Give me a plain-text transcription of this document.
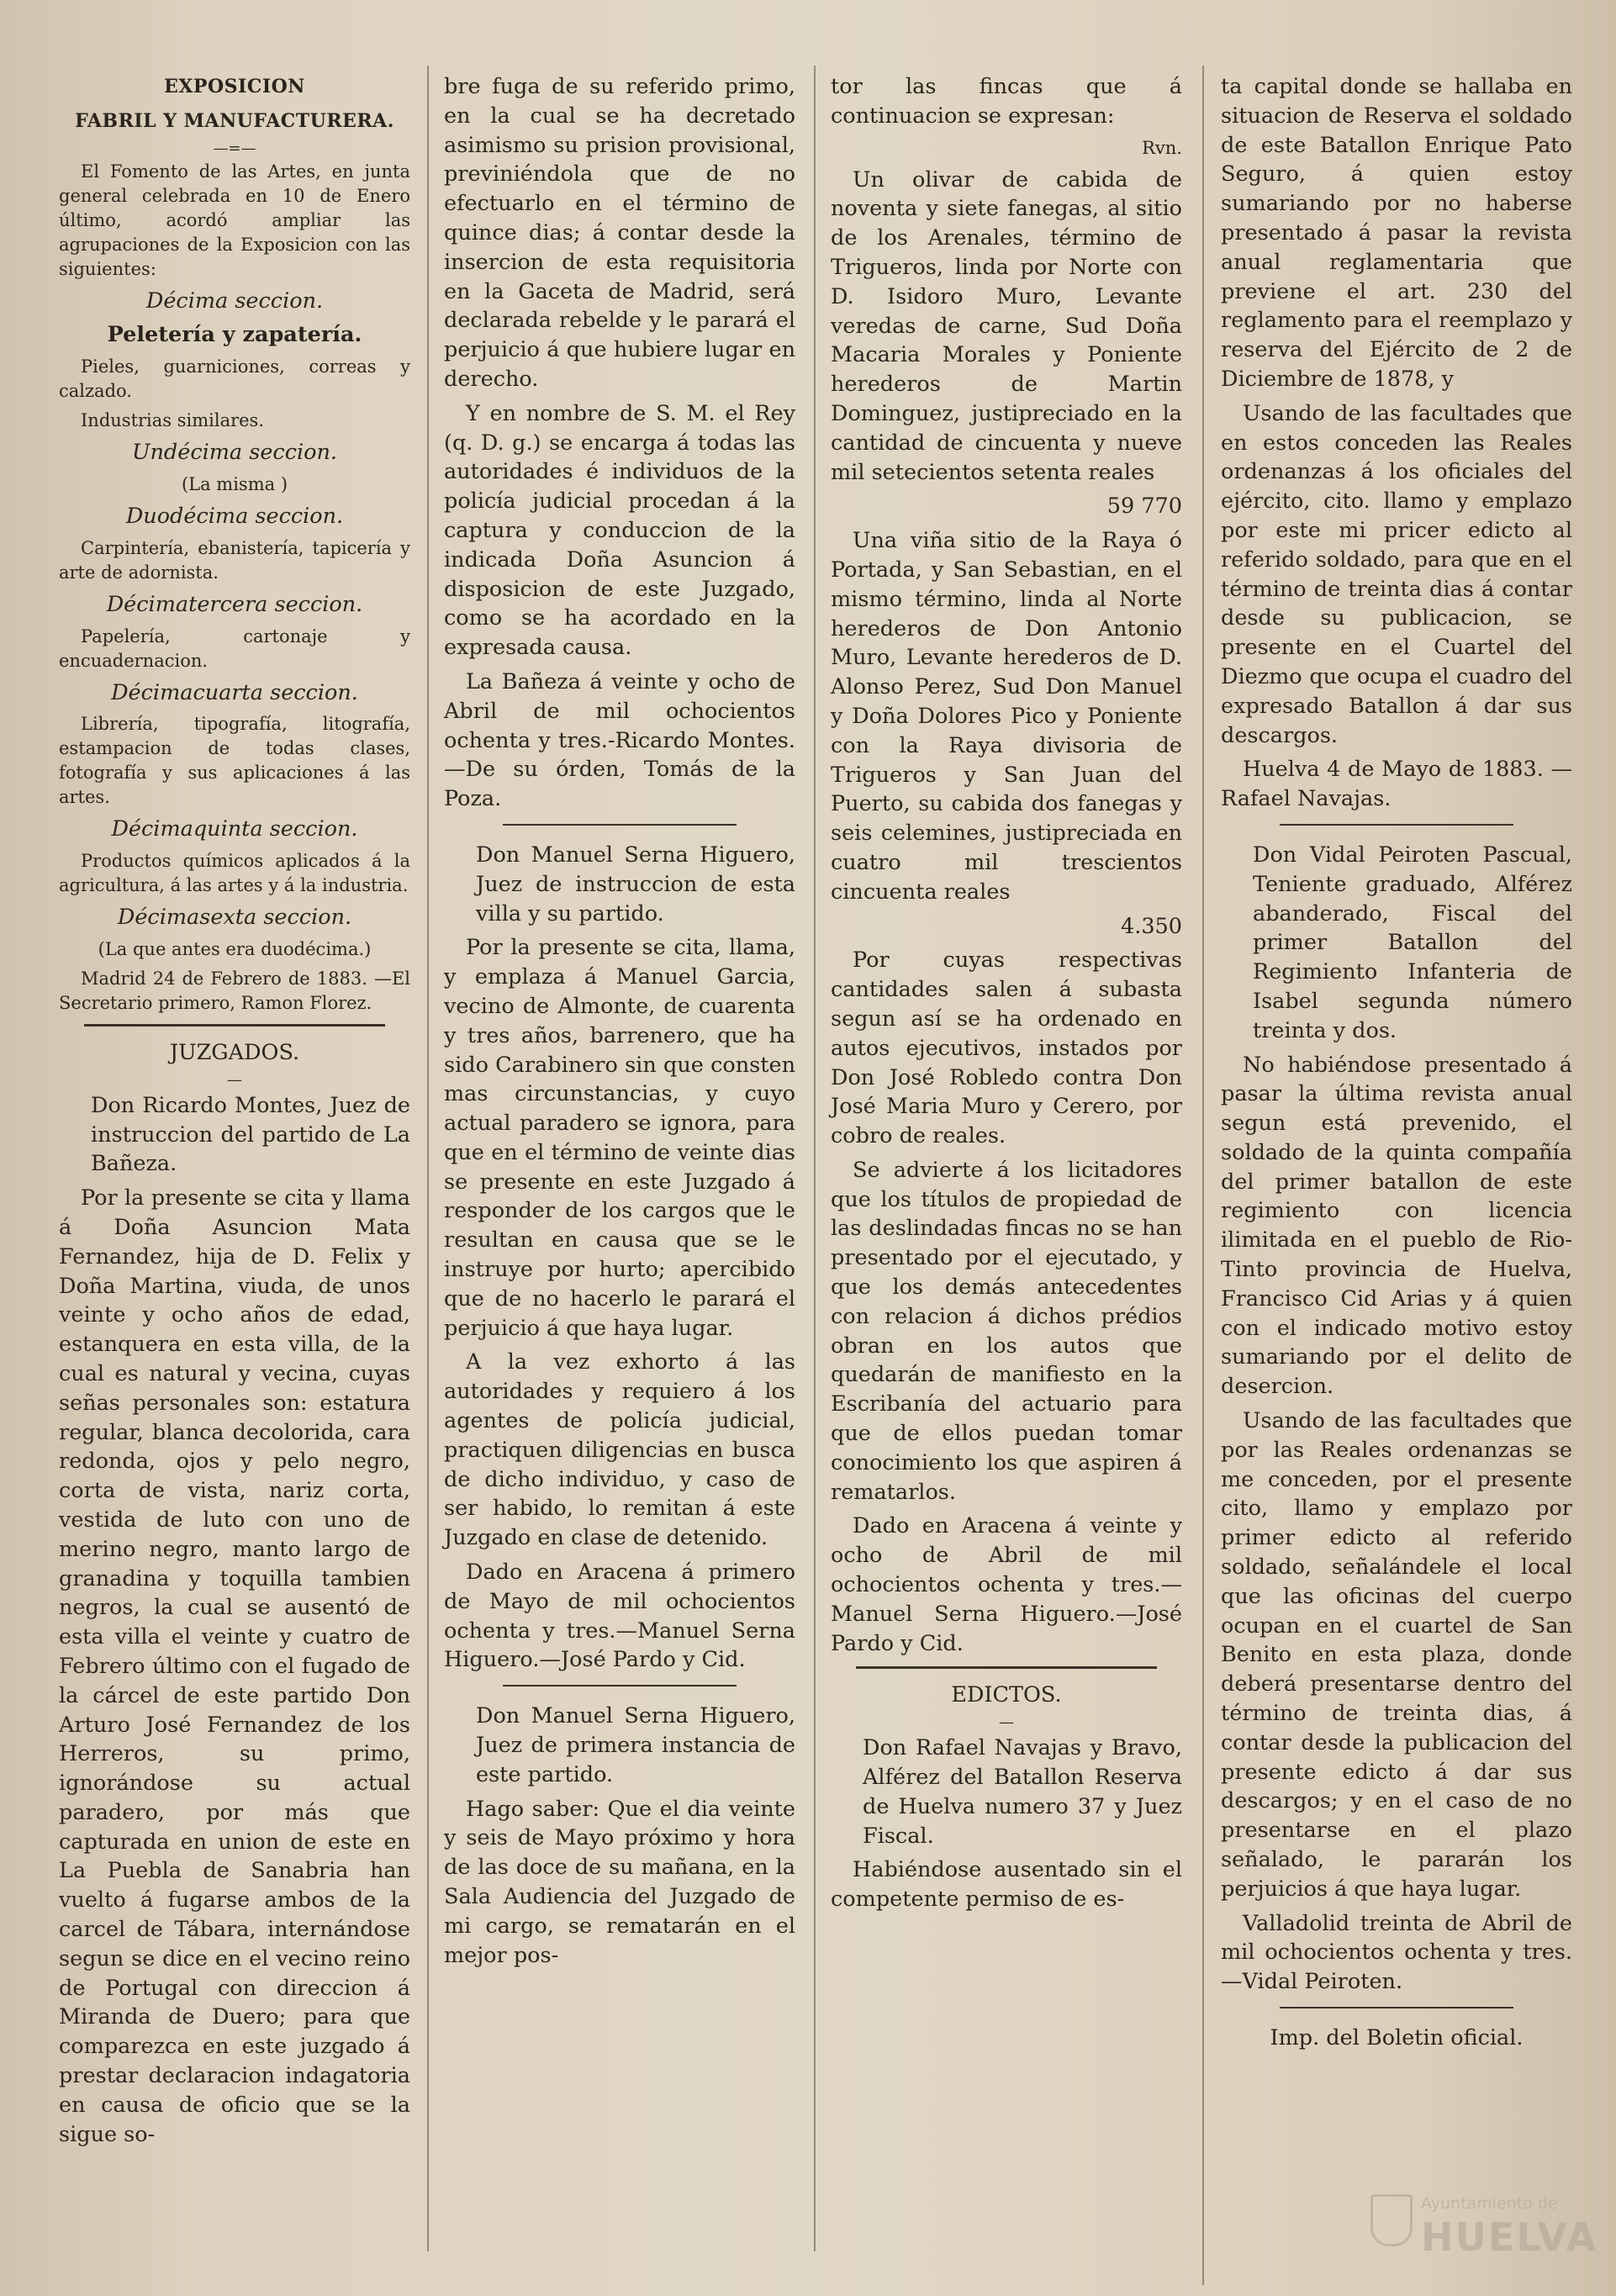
EXPOSICION

FABRIL Y MANUFACTURERA.

—=—

El Fomento de las Artes, en junta general celebrada en 10 de Enero último, acordó ampliar las agrupaciones de la Exposicion con las siguientes:

Décima seccion.

Peletería y zapatería.

Pieles, guarniciones, correas y calzado.

Industrias similares.

Undécima seccion.

(La misma )

Duodécima seccion.

Carpintería, ebanistería, tapicería y arte de adornista.

Décimatercera seccion.

Papelería, cartonaje y encuadernacion.

Décimacuarta seccion.

Librería, tipografía, litografía, estampacion de todas clases, fotografía y sus aplicaciones á las artes.

Décimaquinta seccion.

Productos químicos aplicados á la agricultura, á las artes y á la industria.

Décimasexta seccion.

(La que antes era duodécima.)

Madrid 24 de Febrero de 1883. —El Secretario primero, Ramon Florez.

JUZGADOS.

—

Don Ricardo Montes, Juez de instruccion del partido de La Bañeza.

Por la presente se cita y llama á Doña Asuncion Mata Fernandez, hija de D. Felix y Doña Martina, viuda, de unos veinte y ocho años de edad, estanquera en esta villa, de la cual es natural y vecina, cuyas señas personales son: estatura regular, blanca decolorida, cara redonda, ojos y pelo negro, corta de vista, nariz corta, vestida de luto con uno de merino negro, manto largo de granadina y toquilla tambien negros, la cual se ausentó de esta villa el veinte y cuatro de Febrero último con el fugado de la cárcel de este partido Don Arturo José Fernandez de los Herreros, su primo, ignorándose su actual paradero, por más que capturada en union de este en La Puebla de Sanabria han vuelto á fugarse ambos de la carcel de Tábara, internándose segun se dice en el vecino reino de Portugal con direccion á Miranda de Duero; para que comparezca en este juzgado á prestar declaracion indagatoria en causa de oficio que se la sigue so-

bre fuga de su referido primo, en la cual se ha decretado asimismo su prision provisional, previniéndola que de no efectuarlo en el término de quince dias; á contar desde la insercion de esta requisitoria en la Gaceta de Madrid, será declarada rebelde y le parará el perjuicio á que hubiere lugar en derecho.

Y en nombre de S. M. el Rey (q. D. g.) se encarga á todas las autoridades é individuos de la policía judicial procedan á la captura y conduccion de la indicada Doña Asuncion á disposicion de este Juzgado, como se ha acordado en la expresada causa.

La Bañeza á veinte y ocho de Abril de mil ochocientos ochenta y tres.-Ricardo Montes.—De su órden, Tomás de la Poza.

Don Manuel Serna Higuero, Juez de instruccion de esta villa y su partido.

Por la presente se cita, llama, y emplaza á Manuel Garcia, vecino de Almonte, de cuarenta y tres años, barrenero, que ha sido Carabinero sin que consten mas circunstancias, y cuyo actual paradero se ignora, para que en el término de veinte dias se presente en este Juzgado á responder de los cargos que le resultan en causa que se le instruye por hurto; apercibido que de no hacerlo le parará el perjuicio á que haya lugar.

A la vez exhorto á las autoridades y requiero á los agentes de policía judicial, practiquen diligencias en busca de dicho individuo, y caso de ser habido, lo remitan á este Juzgado en clase de detenido.

Dado en Aracena á primero de Mayo de mil ochocientos ochenta y tres.—Manuel Serna Higuero.—José Pardo y Cid.

Don Manuel Serna Higuero, Juez de primera instancia de este partido.

Hago saber: Que el dia veinte y seis de Mayo próximo y hora de las doce de su mañana, en la Sala Audiencia del Juzgado de mi cargo, se rematarán en el mejor pos-

tor las fincas que á continuacion se expresan:

Rvn.

Un olivar de cabida de noventa y siete fanegas, al sitio de los Arenales, término de Trigueros, linda por Norte con D. Isidoro Muro, Levante veredas de carne, Sud Doña Macaria Morales y Poniente herederos de Martin Dominguez, justipreciado en la cantidad de cincuenta y nueve mil setecientos setenta reales

59 770

Una viña sitio de la Raya ó Portada, y San Sebastian, en el mismo término, linda al Norte herederos de Don Antonio Muro, Levante herederos de D. Alonso Perez, Sud Don Manuel y Doña Dolores Pico y Poniente con la Raya divisoria de Trigueros y San Juan del Puerto, su cabida dos fanegas y seis celemines, justipreciada en cuatro mil trescientos cincuenta reales

4.350

Por cuyas respectivas cantidades salen á subasta segun así se ha ordenado en autos ejecutivos, instados por Don José Robledo contra Don José Maria Muro y Cerero, por cobro de reales.

Se advierte á los licitadores que los títulos de propiedad de las deslindadas fincas no se han presentado por el ejecutado, y que los demás antecedentes con relacion á dichos prédios obran en los autos que quedarán de manifiesto en la Escribanía del actuario para que de ellos puedan tomar conocimiento los que aspiren á rematarlos.

Dado en Aracena á veinte y ocho de Abril de mil ochocientos ochenta y tres.—Manuel Serna Higuero.—José Pardo y Cid.

EDICTOS.

—

Don Rafael Navajas y Bravo, Alférez del Batallon Reserva de Huelva numero 37 y Juez Fiscal.

Habiéndose ausentado sin el competente permiso de es-

ta capital donde se hallaba en situacion de Reserva el soldado de este Batallon Enrique Pato Seguro, á quien estoy sumariando por no haberse presentado á pasar la revista anual reglamentaria que previene el art. 230 del reglamento para el reemplazo y reserva del Ejército de 2 de Diciembre de 1878, y

Usando de las facultades que en estos conceden las Reales ordenanzas á los oficiales del ejército, cito. llamo y emplazo por este mi pricer edicto al referido soldado, para que en el término de treinta dias á contar desde su publicacion, se presente en el Cuartel del Diezmo que ocupa el cuadro del expresado Batallon á dar sus descargos.

Huelva 4 de Mayo de 1883. —Rafael Navajas.

Don Vidal Peiroten Pascual, Teniente graduado, Alférez abanderado, Fiscal del primer Batallon del Regimiento Infanteria de Isabel segunda número treinta y dos.

No habiéndose presentado á pasar la última revista anual segun está prevenido, el soldado de la quinta compañía del primer batallon de este regimiento con licencia ilimitada en el pueblo de Rio-Tinto provincia de Huelva, Francisco Cid Arias y á quien con el indicado motivo estoy sumariando por el delito de desercion.

Usando de las facultades que por las Reales ordenanzas se me conceden, por el presente cito, llamo y emplazo por primer edicto al referido soldado, señalándele el local que las oficinas del cuerpo ocupan en el cuartel de San Benito en esta plaza, donde deberá presentarse dentro del término de treinta dias, á contar desde la publicacion del presente edicto á dar sus descargos; y en el caso de no presentarse en el plazo señalado, le pararán los perjuicios á que haya lugar.

Valladolid treinta de Abril de mil ochocientos ochenta y tres.—Vidal Peiroten.

Imp. del Boletin oficial.

Ayuntamiento de
HUELVA
